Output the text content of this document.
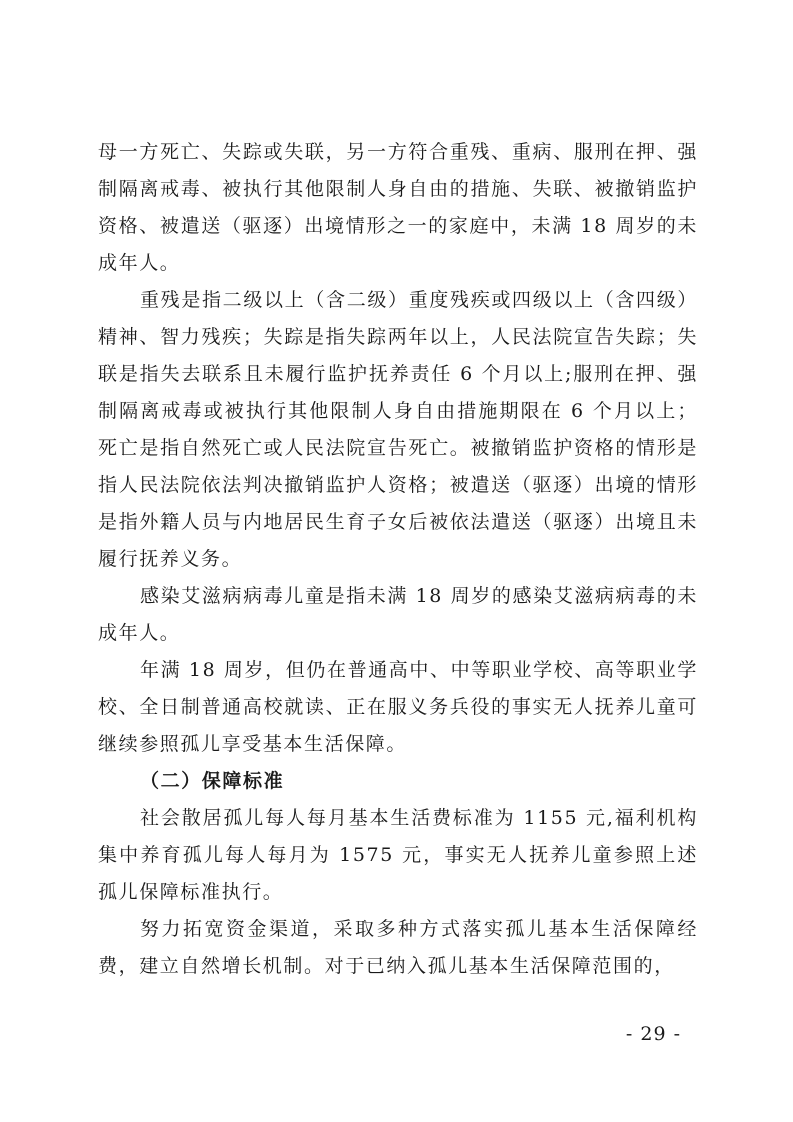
母一方死亡、失踪或失联，另一方符合重残、重病、服刑在押、强制隔离戒毒、被执行其他限制人身自由的措施、失联、被撤销监护资格、被遣送（驱逐）出境情形之一的家庭中，未满 18 周岁的未成年人。

重残是指二级以上（含二级）重度残疾或四级以上（含四级）精神、智力残疾；失踪是指失踪两年以上，人民法院宣告失踪；失联是指失去联系且未履行监护抚养责任 6 个月以上;服刑在押、强制隔离戒毒或被执行其他限制人身自由措施期限在 6 个月以上；死亡是指自然死亡或人民法院宣告死亡。被撤销监护资格的情形是指人民法院依法判决撤销监护人资格；被遣送（驱逐）出境的情形是指外籍人员与内地居民生育子女后被依法遣送（驱逐）出境且未履行抚养义务。

感染艾滋病病毒儿童是指未满 18 周岁的感染艾滋病病毒的未成年人。

年满 18 周岁，但仍在普通高中、中等职业学校、高等职业学校、全日制普通高校就读、正在服义务兵役的事实无人抚养儿童可继续参照孤儿享受基本生活保障。

（二）保障标准

社会散居孤儿每人每月基本生活费标准为 1155 元,福利机构集中养育孤儿每人每月为 1575 元，事实无人抚养儿童参照上述孤儿保障标准执行。

努力拓宽资金渠道，采取多种方式落实孤儿基本生活保障经费，建立自然增长机制。对于已纳入孤儿基本生活保障范围的，

- 29 -
